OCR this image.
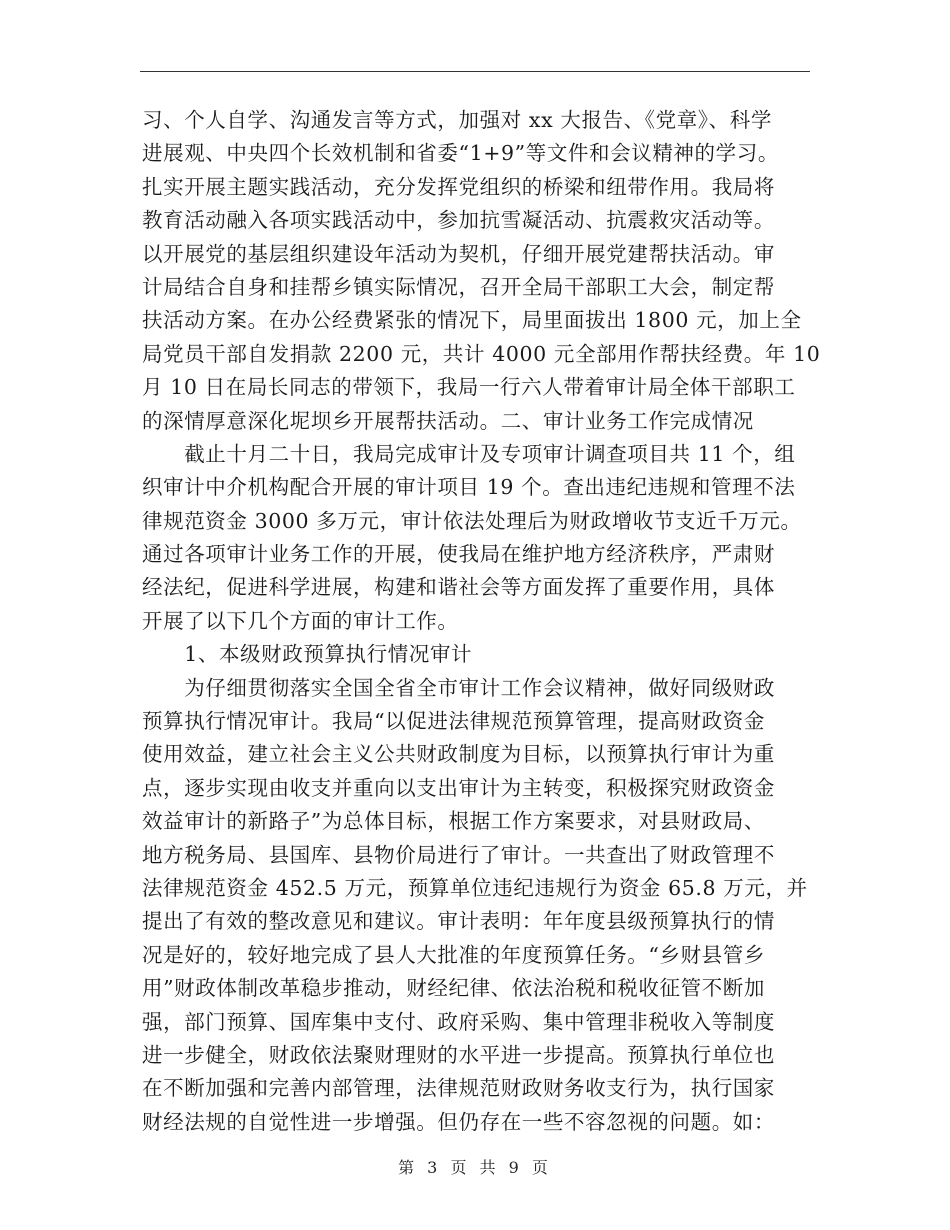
习、个人自学、沟通发言等方式，加强对 xx 大报告、《党章》、科学
进展观、中央四个长效机制和省委“1+9”等文件和会议精神的学习。
扎实开展主题实践活动，充分发挥党组织的桥梁和纽带作用。我局将
教育活动融入各项实践活动中，参加抗雪凝活动、抗震救灾活动等。
以开展党的基层组织建设年活动为契机，仔细开展党建帮扶活动。审
计局结合自身和挂帮乡镇实际情况，召开全局干部职工大会，制定帮
扶活动方案。在办公经费紧张的情况下，局里面拔出 1800 元，加上全
局党员干部自发捐款 2200 元，共计 4000 元全部用作帮扶经费。年 10
月 10 日在局长同志的带领下，我局一行六人带着审计局全体干部职工
的深情厚意深化坭坝乡开展帮扶活动。二、审计业务工作完成情况
　　截止十月二十日，我局完成审计及专项审计调查项目共 11 个，组
织审计中介机构配合开展的审计项目 19 个。查出违纪违规和管理不法
律规范资金 3000 多万元，审计依法处理后为财政增收节支近千万元。
通过各项审计业务工作的开展，使我局在维护地方经济秩序，严肃财
经法纪，促进科学进展，构建和谐社会等方面发挥了重要作用，具体
开展了以下几个方面的审计工作。
　　1、本级财政预算执行情况审计
　　为仔细贯彻落实全国全省全市审计工作会议精神，做好同级财政
预算执行情况审计。我局“以促进法律规范预算管理，提高财政资金
使用效益，建立社会主义公共财政制度为目标，以预算执行审计为重
点，逐步实现由收支并重向以支出审计为主转变，积极探究财政资金
效益审计的新路子”为总体目标，根据工作方案要求，对县财政局、
地方税务局、县国库、县物价局进行了审计。一共查出了财政管理不
法律规范资金 452.5 万元，预算单位违纪违规行为资金 65.8 万元，并
提出了有效的整改意见和建议。审计表明：年年度县级预算执行的情
况是好的，较好地完成了县人大批准的年度预算任务。“乡财县管乡
用”财政体制改革稳步推动，财经纪律、依法治税和税收征管不断加
强，部门预算、国库集中支付、政府采购、集中管理非税收入等制度
进一步健全，财政依法聚财理财的水平进一步提高。预算执行单位也
在不断加强和完善内部管理，法律规范财政财务收支行为，执行国家
财经法规的自觉性进一步增强。但仍存在一些不容忽视的问题。如：
第 3 页 共 9 页
